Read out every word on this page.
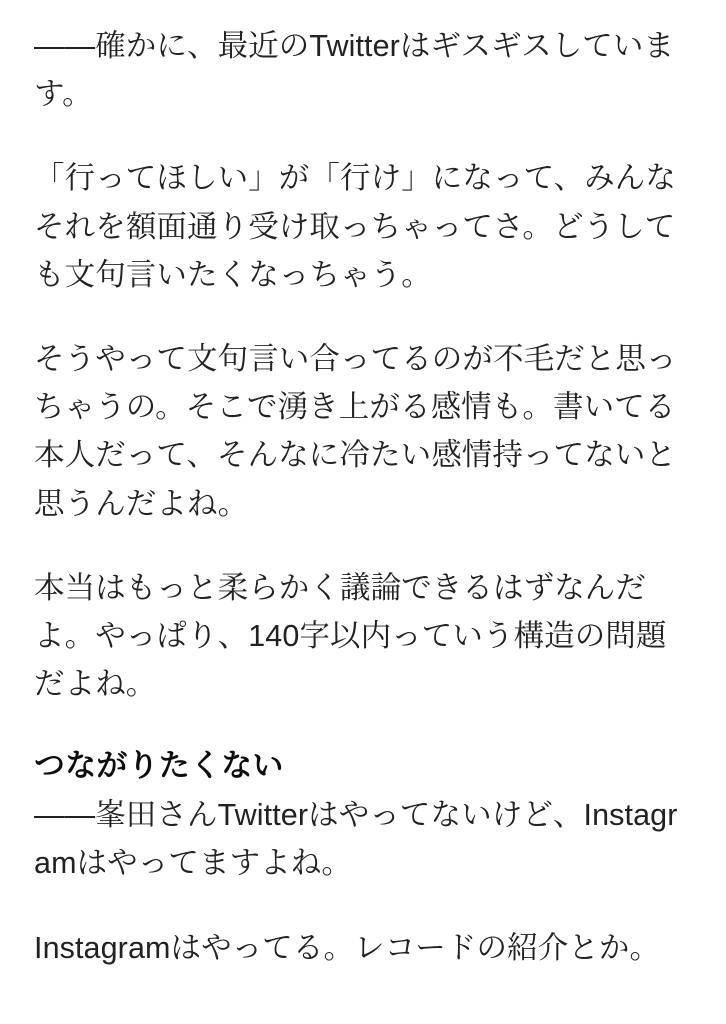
――確かに、最近のTwitterはギスギスしています。

「行ってほしい」が「行け」になって、みんなそれを額面通り受け取っちゃってさ。どうしても文句言いたくなっちゃう。

そうやって文句言い合ってるのが不毛だと思っちゃうの。そこで湧き上がる感情も。書いてる本人だって、そんなに冷たい感情持ってないと思うんだよね。

本当はもっと柔らかく議論できるはずなんだよ。やっぱり、140字以内っていう構造の問題だよね。

つながりたくない

――峯田さんTwitterはやってないけど、Instagramはやってますよね。

Instagramはやってる。レコードの紹介とか。
